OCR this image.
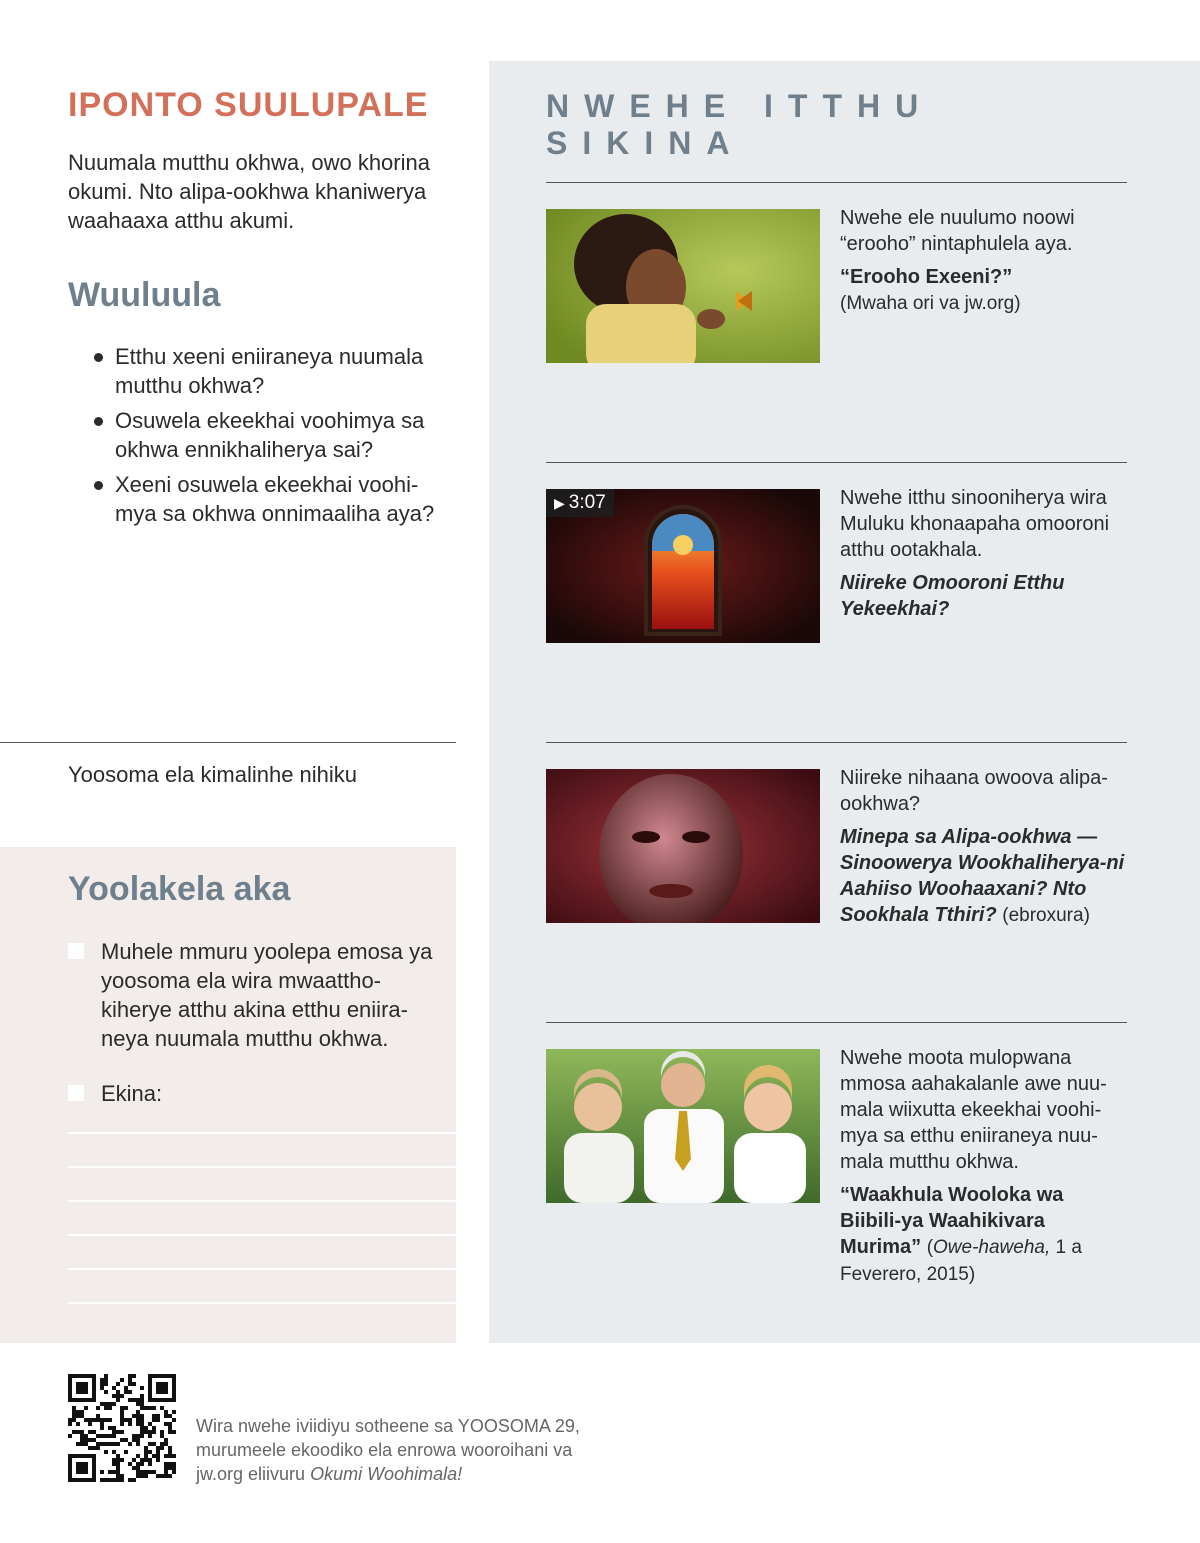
IPONTO SUULUPALE

Nuumala mutthu okhwa, owo khorina okumi. Nto alipa-ookhwa khaniwerya waahaaxa atthu akumi.

Wuuluula
Etthu xeeni eniiraneya nuumala mutthu okhwa?
Osuwela ekeekhai voohimya sa okhwa ennikhaliherya sai?
Xeeni osuwela ekeekhai voohi-mya sa okhwa onnimaaliha aya?
Yoosoma ela kimalinhe nihiku
Yoolakela aka
Muhele mmuru yoolepa emosa ya yoosoma ela wira mwaattho-kiherye atthu akina etthu eniira-neya nuumala mutthu okhwa.
Ekina:
NWEHE ITTHU SIKINA

Nwehe ele nuulumo noowi “erooho” nintaphulela aya.

“Erooho Exeeni?”
(Mwaha ori va jw.org)

▶ 3:07	Nwehe itthu sinooniherya wira Muluku khonaapaha omooroni atthu ootakhala.

Niireke Omooroni Etthu Yekeekhai?

Niireke nihaana owoova alipa-ookhwa?

Minepa sa Alipa-ookhwa —Sinoowerya Wookhaliherya-ni Aahiiso Woohaaxani? Nto Sookhala Tthiri? (ebroxura)

Nwehe moota mulopwana mmosa aahakalanle awe nuu-mala wiixutta ekeekhai voohi-mya sa etthu eniiraneya nuu-mala mutthu okhwa.

“Waakhula Wooloka wa Biibili-ya Waahikivara Murima” (Owe-haweha, 1 a Feverero, 2015)

Wira nwehe iviidiyu sotheene sa YOOSOMA 29, murumeele ekoodiko ela enrowa wooroihani va jw.org eliivuru Okumi Woohimala!
